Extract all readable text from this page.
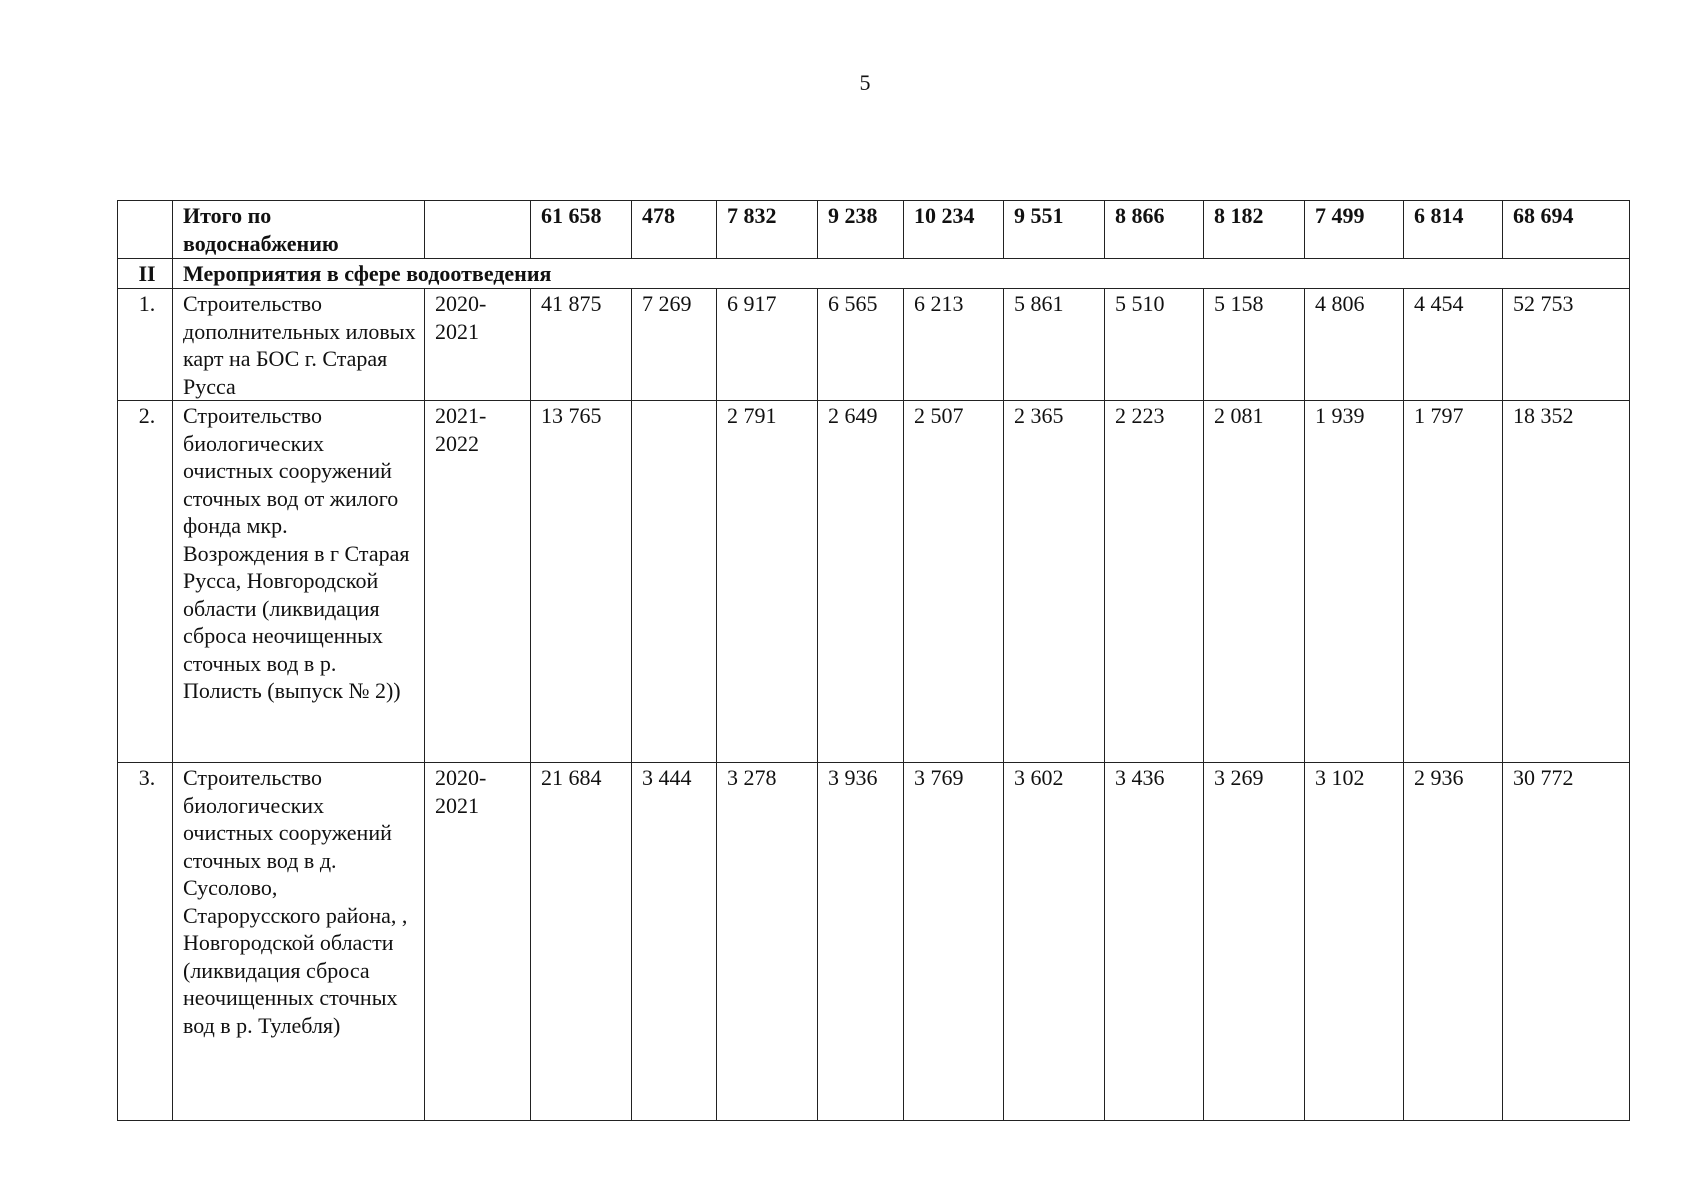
5
	Итого по водоснабжению		61 658	478	7 832	9 238	10 234	9 551	8 866	8 182	7 499	6 814	68 694
II	Мероприятия в сфере водоотведения												
1.	Строительство дополнительных иловых карт на БОС г. Старая Русса	2020-2021	41 875	7 269	6 917	6 565	6 213	5 861	5 510	5 158	4 806	4 454	52 753
2.	Строительство биологических очистных сооружений сточных вод от жилого фонда мкр. Возрождения в г Старая Русса, Новгородской области (ликвидация сброса неочищенных сточных вод в р. Полисть (выпуск № 2))	2021-2022	13 765		2 791	2 649	2 507	2 365	2 223	2 081	1 939	1 797	18 352
3.	Строительство биологических очистных сооружений сточных вод в д. Сусолово, Старорусского района, , Новгородской области (ликвидация сброса неочищенных сточных вод в р. Тулебля)	2020-2021	21 684	3 444	3 278	3 936	3 769	3 602	3 436	3 269	3 102	2 936	30 772
